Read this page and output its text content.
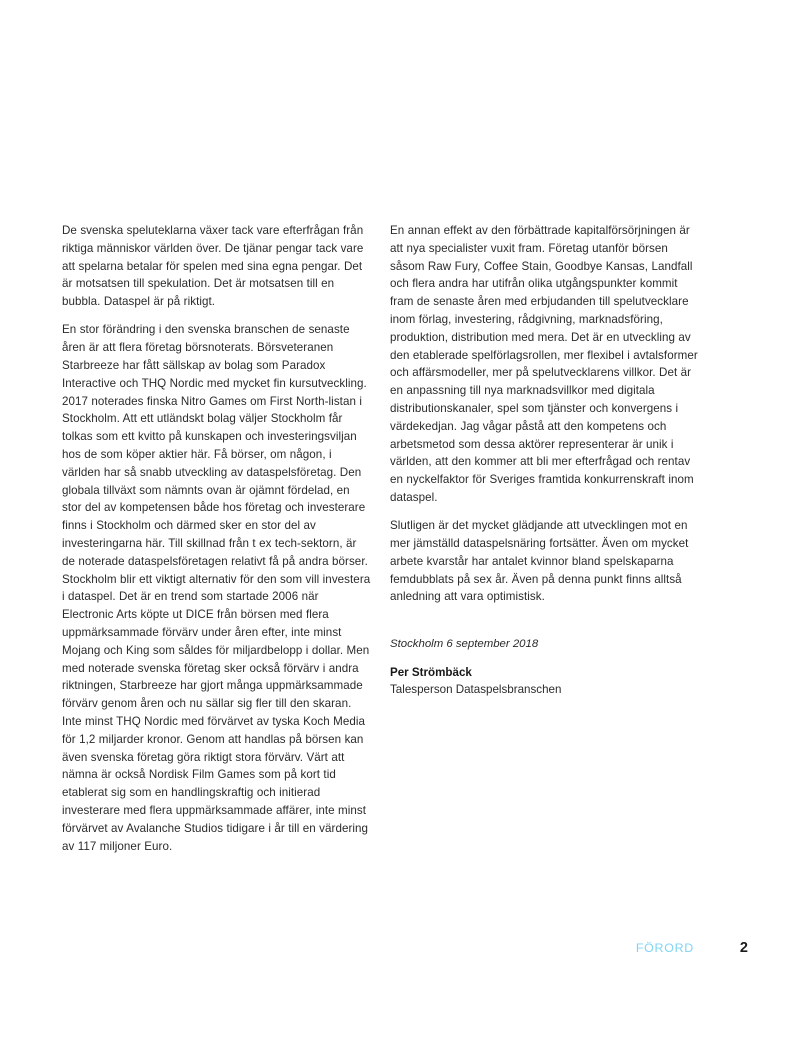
De svenska speluteklarna växer tack vare efterfrågan från riktiga människor världen över. De tjänar pengar tack vare att spelarna betalar för spelen med sina egna pengar. Det är motsatsen till spekulation. Det är motsatsen till en bubbla. Dataspel är på riktigt.

En stor förändring i den svenska branschen de senaste åren är att flera företag börsnoterats. Börsveteranen Starbreeze har fått sällskap av bolag som Paradox Interactive och THQ Nordic med mycket fin kursutveckling. 2017 noterades finska Nitro Games om First North-listan i Stockholm. Att ett utländskt bolag väljer Stockholm får tolkas som ett kvitto på kunskapen och investeringsviljan hos de som köper aktier här. Få börser, om någon, i världen har så snabb utveckling av dataspelsföretag. Den globala tillväxt som nämnts ovan är ojämnt fördelad, en stor del av kompetensen både hos företag och investerare finns i Stockholm och därmed sker en stor del av investeringarna här. Till skillnad från t ex tech-sektorn, är de noterade dataspelsföretagen relativt få på andra börser. Stockholm blir ett viktigt alternativ för den som vill investera i dataspel. Det är en trend som startade 2006 när Electronic Arts köpte ut DICE från börsen med flera uppmärksammade förvärv under åren efter, inte minst Mojang och King som såldes för miljardbelopp i dollar. Men med noterade svenska företag sker också förvärv i andra riktningen, Starbreeze har gjort många uppmärksammade förvärv genom åren och nu sällar sig fler till den skaran. Inte minst THQ Nordic med förvärvet av tyska Koch Media för 1,2 miljarder kronor. Genom att handlas på börsen kan även svenska företag göra riktigt stora förvärv. Värt att nämna är också Nordisk Film Games som på kort tid etablerat sig som en handlingskraftig och initierad investerare med flera uppmärksammade affärer, inte minst förvärvet av Avalanche Studios tidigare i år till en värdering av 117 miljoner Euro.

En annan effekt av den förbättrade kapitalförsörjningen är att nya specialister vuxit fram. Företag utanför börsen såsom Raw Fury, Coffee Stain, Goodbye Kansas, Landfall och flera andra har utifrån olika utgångspunkter kommit fram de senaste åren med erbjudanden till spelutvecklare inom förlag, investering, rådgivning, marknadsföring, produktion, distribution med mera. Det är en utveckling av den etablerade spelförlagsrollen, mer flexibel i avtalsformer och affärsmodeller, mer på spelutvecklarens villkor. Det är en anpassning till nya marknadsvillkor med digitala distributionskanaler, spel som tjänster och konvergens i värdekedjan. Jag vågar påstå att den kompetens och arbetsmetod som dessa aktörer representerar är unik i världen, att den kommer att bli mer efterfrågad och rentav en nyckelfaktor för Sveriges framtida konkurrenskraft inom dataspel.

Slutligen är det mycket glädjande att utvecklingen mot en mer jämställd dataspelsnäring fortsätter. Även om mycket arbete kvarstår har antalet kvinnor bland spelskaparna femdubblats på sex år. Även på denna punkt finns alltså anledning att vara optimistisk.

Stockholm 6 september 2018

Per Strömbäck

Talesperson Dataspelsbranschen

FÖRORD	2
